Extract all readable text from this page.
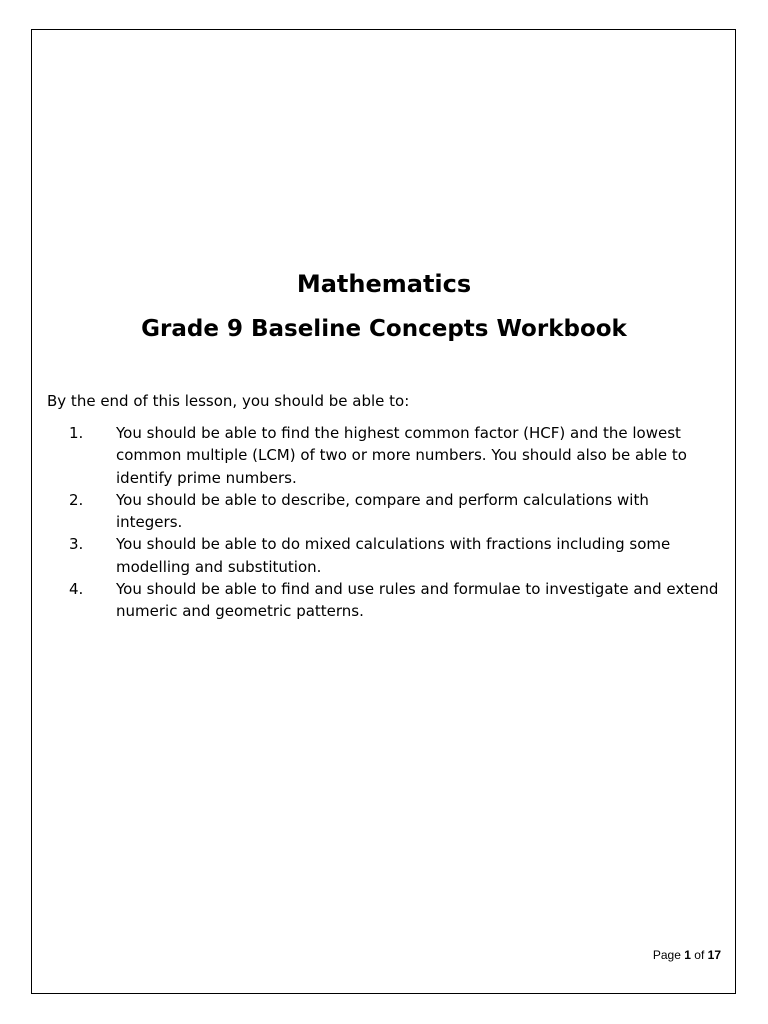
Mathematics
Grade 9 Baseline Concepts Workbook

By the end of this lesson, you should be able to:

1.	You should be able to find the highest common factor (HCF) and the lowest common multiple (LCM) of two or more numbers. You should also be able to identify prime numbers.
2.	You should be able to describe, compare and perform calculations with integers.
3.	You should be able to do mixed calculations with fractions including some modelling and substitution.
4.	You should be able to find and use rules and formulae to investigate and extend numeric and geometric patterns.
Page 1 of 17
